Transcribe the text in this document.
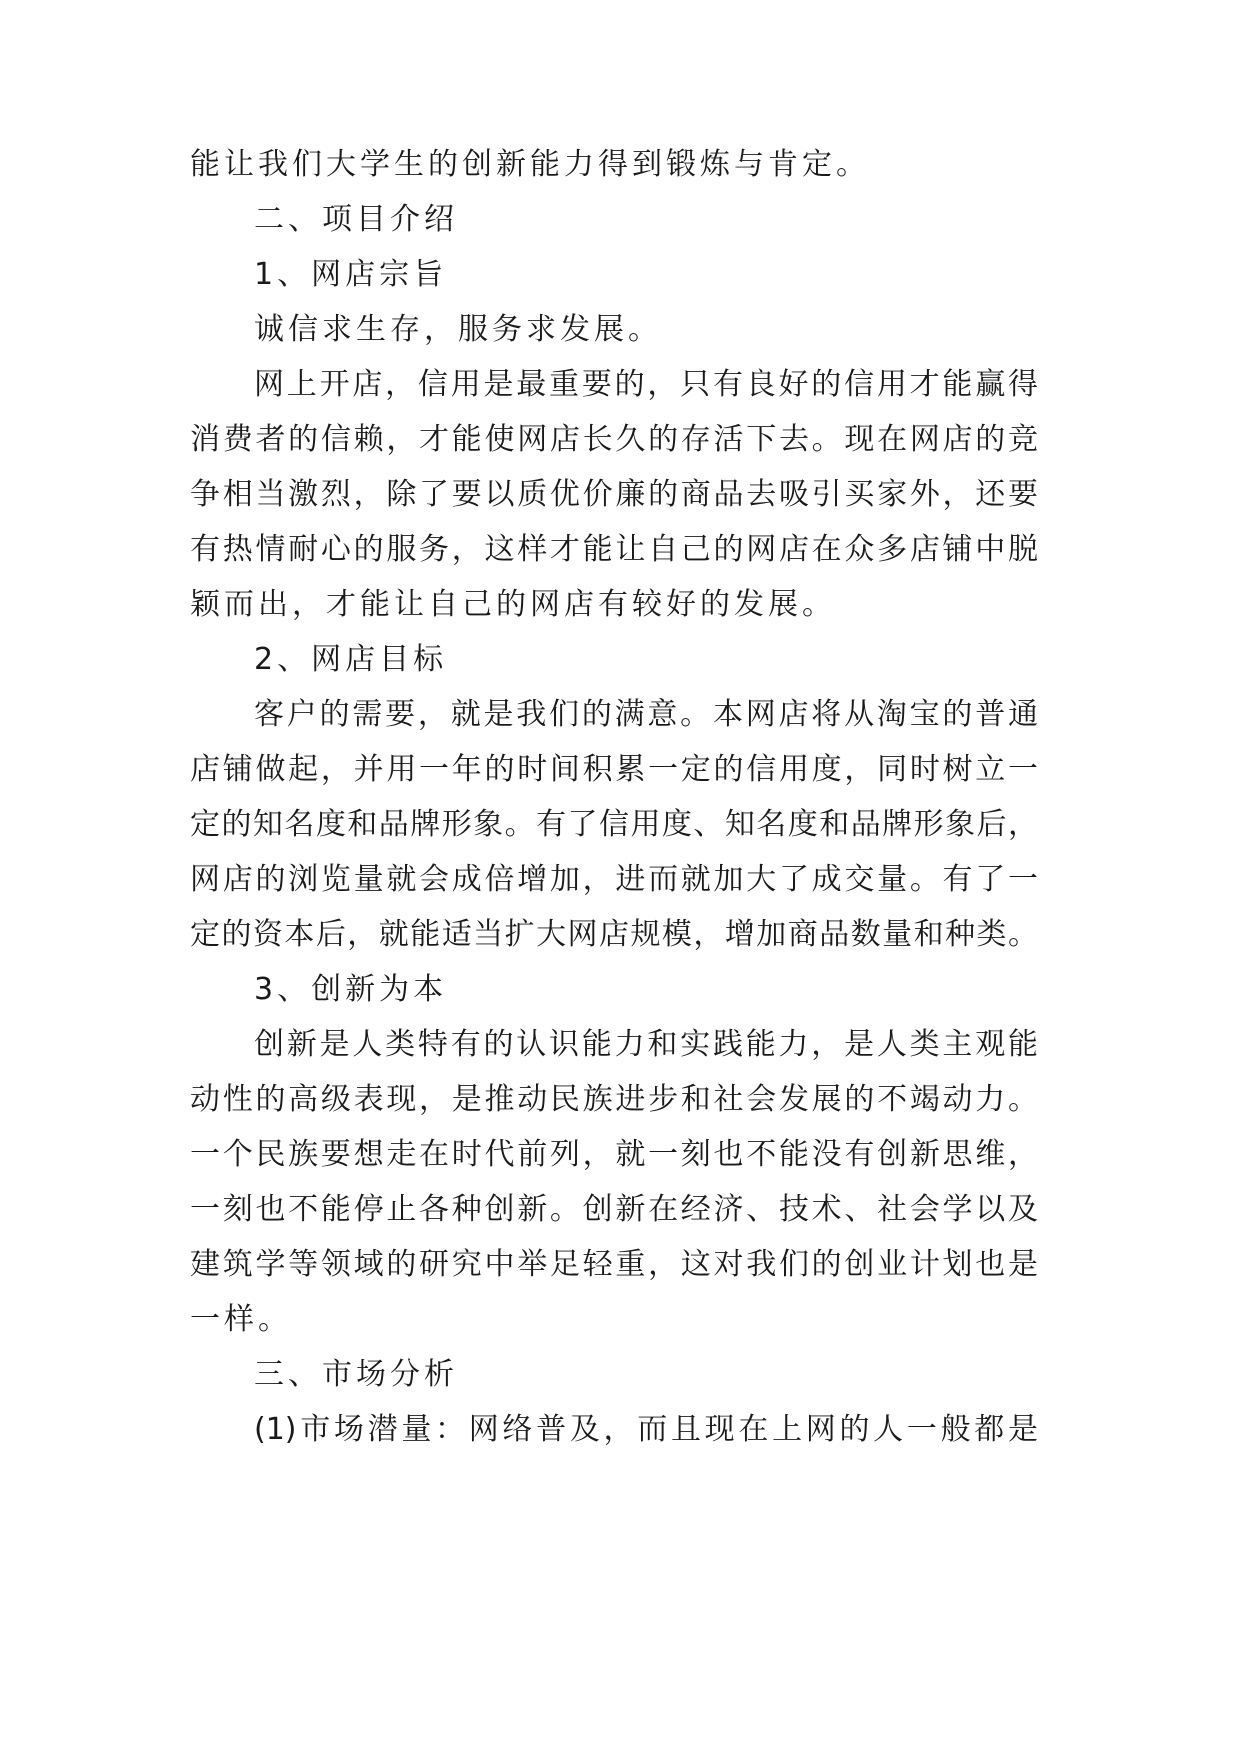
能让我们大学生的创新能力得到锻炼与肯定。
二、项目介绍
1、网店宗旨
诚信求生存，服务求发展。
网上开店，信用是最重要的，只有良好的信用才能赢得
消费者的信赖，才能使网店长久的存活下去。现在网店的竞
争相当激烈，除了要以质优价廉的商品去吸引买家外，还要
有热情耐心的服务，这样才能让自己的网店在众多店铺中脱
颖而出，才能让自己的网店有较好的发展。
2、网店目标
客户的需要，就是我们的满意。本网店将从淘宝的普通
店铺做起，并用一年的时间积累一定的信用度，同时树立一
定的知名度和品牌形象。有了信用度、知名度和品牌形象后，
网店的浏览量就会成倍增加，进而就加大了成交量。有了一
定的资本后，就能适当扩大网店规模，增加商品数量和种类。
3、创新为本
创新是人类特有的认识能力和实践能力，是人类主观能
动性的高级表现，是推动民族进步和社会发展的不竭动力。
一个民族要想走在时代前列，就一刻也不能没有创新思维，
一刻也不能停止各种创新。创新在经济、技术、社会学以及
建筑学等领域的研究中举足轻重，这对我们的创业计划也是
一样。
三、市场分析
(1)市场潜量：网络普及，而且现在上网的人一般都是
